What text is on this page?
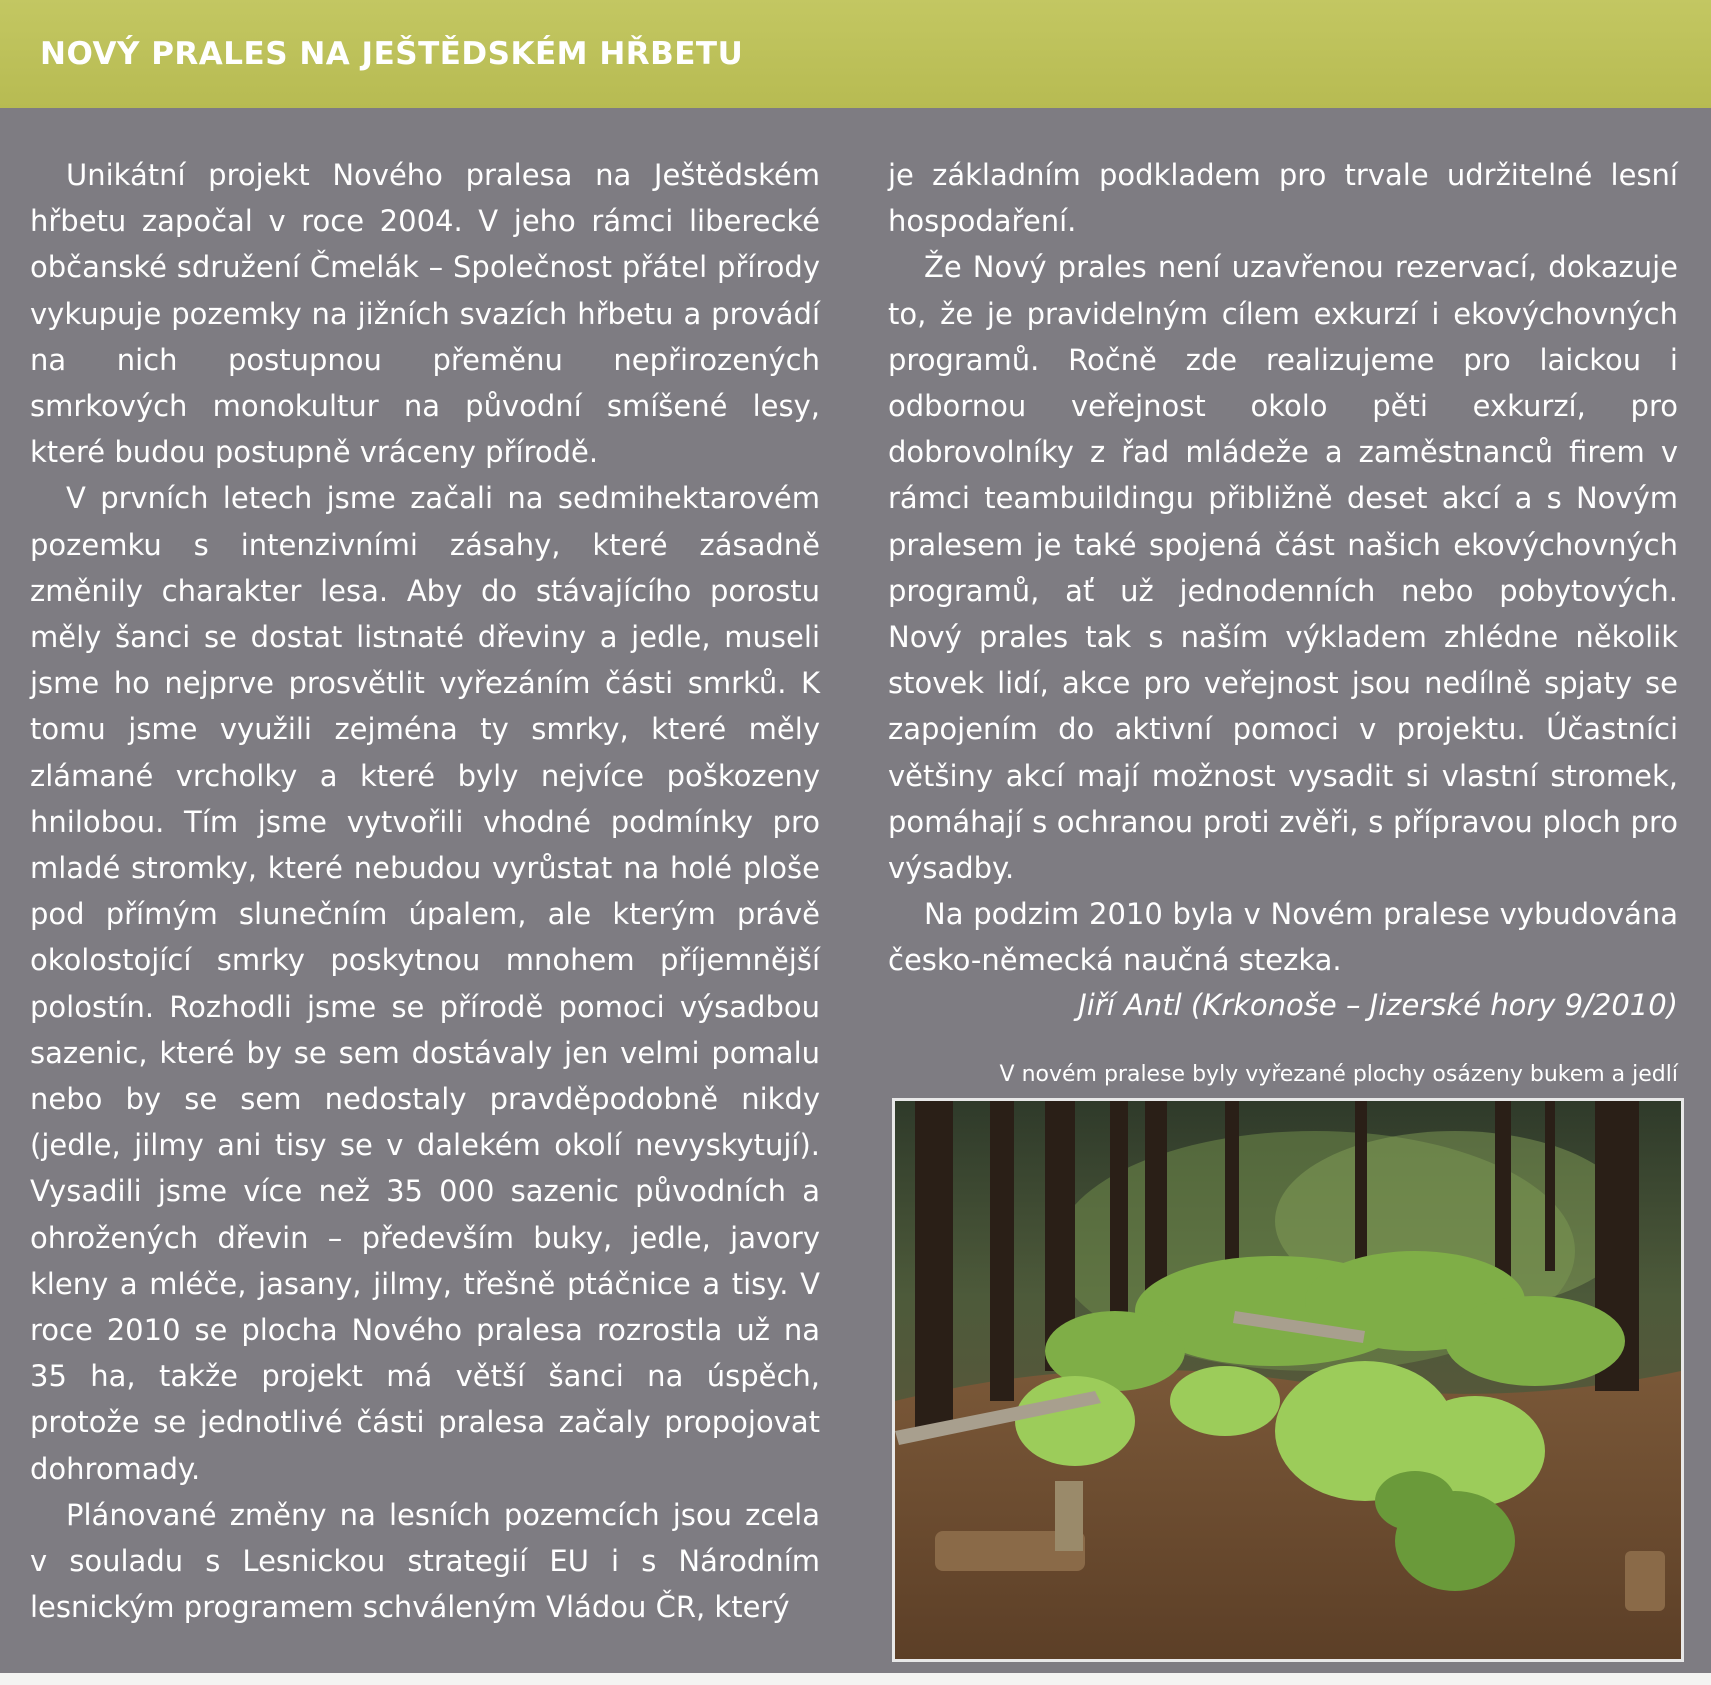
NOVÝ PRALES NA JEŠTĚDSKÉM HŘBETU

Unikátní projekt Nového pralesa na Ještědském hřbetu započal v roce 2004. V jeho rámci liberecké občanské sdružení Čmelák – Společnost přátel přírody vykupuje pozemky na jižních svazích hřbetu a provádí na nich postupnou přeměnu nepřirozených smrkových monokultur na původní smíšené lesy, které budou postupně vráceny přírodě.

V prvních letech jsme začali na sedmihektarovém pozemku s intenzivními zásahy, které zásadně změnily charakter lesa. Aby do stávajícího porostu měly šanci se dostat listnaté dřeviny a jedle, museli jsme ho nejprve prosvětlit vyřezáním části smrků. K tomu jsme využili zejména ty smrky, které měly zlámané vrcholky a které byly nejvíce poškozeny hnilobou. Tím jsme vytvořili vhodné podmínky pro mladé stromky, které nebudou vyrůstat na holé ploše pod přímým slunečním úpalem, ale kterým právě okolostojící smrky poskytnou mnohem příjemnější polostín. Rozhodli jsme se přírodě pomoci výsadbou sazenic, které by se sem dostávaly jen velmi pomalu nebo by se sem nedostaly pravděpodobně nikdy (jedle, jilmy ani tisy se v dalekém okolí nevyskytují). Vysadili jsme více než 35 000 sazenic původních a ohrožených dřevin – především buky, jedle, javory kleny a mléče, jasany, jilmy, třešně ptáčnice a tisy. V roce 2010 se plocha Nového pralesa rozrostla už na 35 ha, takže projekt má větší šanci na úspěch, protože se jednotlivé části pralesa začaly propojovat dohromady.

Plánované změny na lesních pozemcích jsou zcela v souladu s Lesnickou strategií EU i s Národním lesnickým programem schváleným Vládou ČR, který

je základním podkladem pro trvale udržitelné lesní hospodaření.

Že Nový prales není uzavřenou rezervací, dokazuje to, že je pravidelným cílem exkurzí i ekovýchovných programů. Ročně zde realizujeme pro laickou i odbornou veřejnost okolo pěti exkurzí, pro dobrovolníky z řad mládeže a zaměstnanců firem v rámci teambuildingu přibližně deset akcí a s Novým pralesem je také spojená část našich ekovýchovných programů, ať už jednodenních nebo pobytových. Nový prales tak s naším výkladem zhlédne několik stovek lidí, akce pro veřejnost jsou nedílně spjaty se zapojením do aktivní pomoci v projektu. Účastníci většiny akcí mají možnost vysadit si vlastní stromek, pomáhají s ochranou proti zvěři, s přípravou ploch pro výsadby.

Na podzim 2010 byla v Novém pralese vybudována česko-německá naučná stezka.

Jiří Antl (Krkonoše – Jizerské hory 9/2010)
V novém pralese byly vyřezané plochy osázeny bukem a jedlí
